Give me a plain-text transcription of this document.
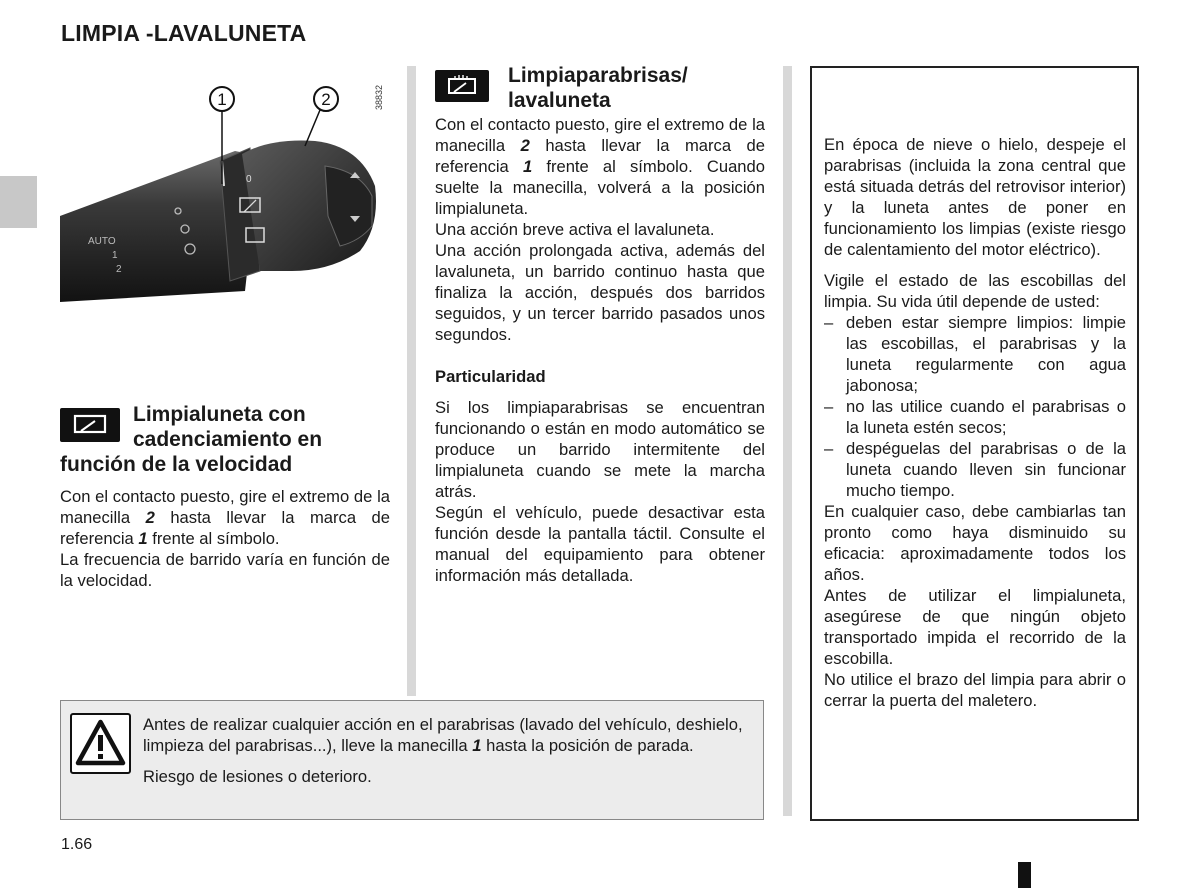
LIMPIA -LAVALUNETA
AUTO
1
2
0
1	2	38832
Limpialuneta con
cadenciamiento en
función de la velocidad

Con el contacto puesto, gire el extremo de la manecilla 2 hasta llevar la marca de referencia 1 frente al símbolo.

La frecuencia de barrido varía en función de la velocidad.

Limpiaparabrisas/
lavaluneta

Con el contacto puesto, gire el extremo de la manecilla 2 hasta llevar la marca de referencia 1 frente al símbolo. Cuando suelte la manecilla, volverá a la posición limpialuneta.

Una acción breve activa el lavaluneta.

Una acción prolongada activa, además del lavaluneta, un barrido continuo hasta que finaliza la acción, después dos barridos seguidos, y un tercer barrido pasados unos segundos.

Particularidad

Si los limpiaparabrisas se encuentran funcionando o están en modo automático se produce un barrido intermitente del limpialuneta cuando se mete la marcha atrás.

Según el vehículo, puede desactivar esta función desde la pantalla táctil. Consulte el manual del equipamiento para obtener información más detallada.

En época de nieve o hielo, despeje el parabrisas (incluida la zona central que está situada detrás del retrovisor interior) y la luneta antes de poner en funcionamiento los limpias (existe riesgo de calentamiento del motor eléctrico).

Vigile el estado de las escobillas del limpia. Su vida útil depende de usted:

– deben estar siempre limpios: limpie las escobillas, el parabrisas y la luneta regularmente con agua jabonosa;
– no las utilice cuando el parabrisas o la luneta estén secos;
– despéguelas del parabrisas o de la luneta cuando lleven sin funcionar mucho tiempo.

En cualquier caso, debe cambiarlas tan pronto como haya disminuido su eficacia: aproximadamente todos los años.

Antes de utilizar el limpialuneta, asegúrese de que ningún objeto transportado impida el recorrido de la escobilla.

No utilice el brazo del limpia para abrir o cerrar la puerta del maletero.

Antes de realizar cualquier acción en el parabrisas (lavado del vehículo, deshielo, limpieza del parabrisas...), lleve la manecilla 1 hasta la posición de parada.

Riesgo de lesiones o deterioro.

1.66
